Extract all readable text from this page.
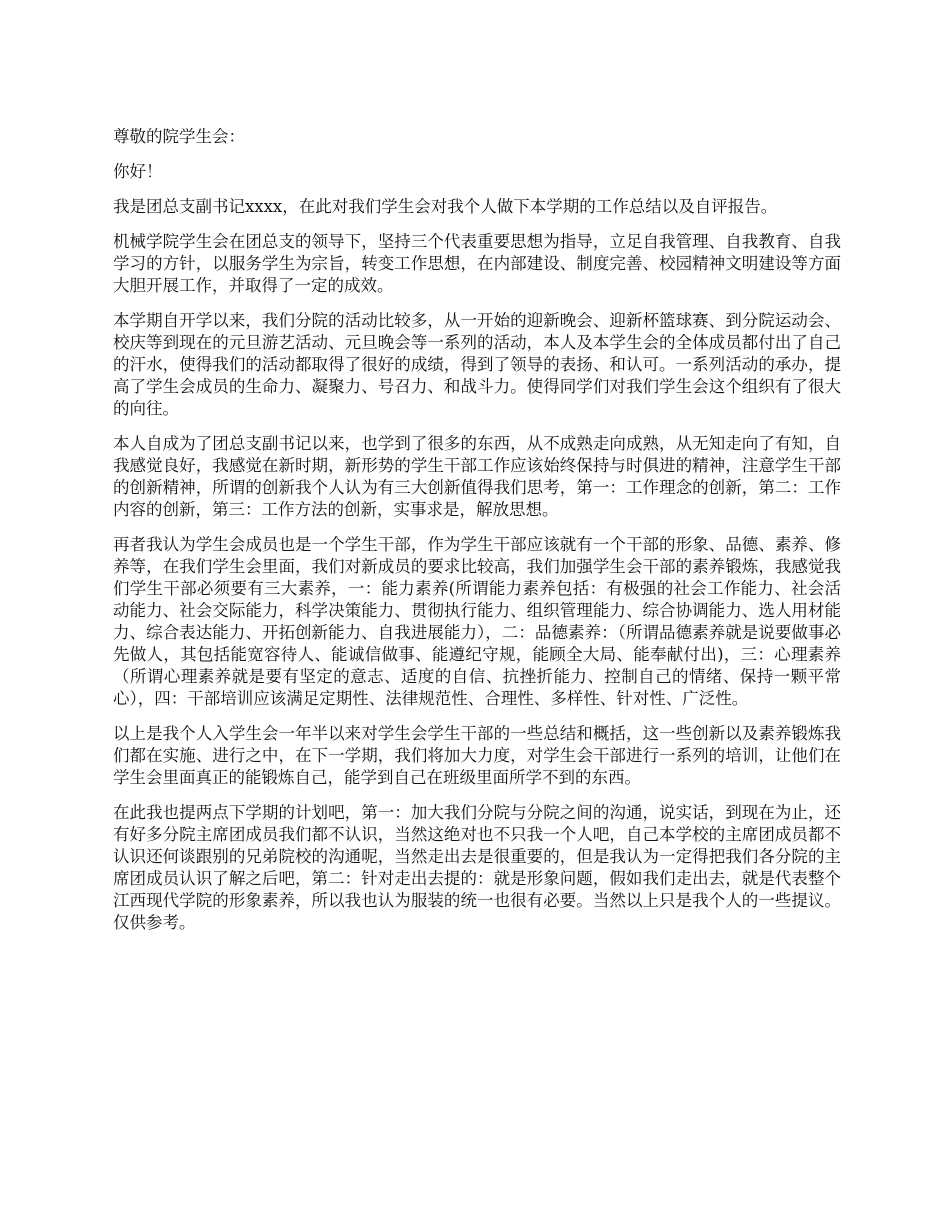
尊敬的院学生会：

你好！

我是团总支副书记xxxx，在此对我们学生会对我个人做下本学期的工作总结以及自评报告。

机械学院学生会在团总支的领导下，坚持三个代表重要思想为指导，立足自我管理、自我教育、自我学习的方针，以服务学生为宗旨，转变工作思想，在内部建设、制度完善、校园精神文明建设等方面大胆开展工作，并取得了一定的成效。

本学期自开学以来，我们分院的活动比较多，从一开始的迎新晚会、迎新杯篮球赛、到分院运动会、校庆等到现在的元旦游艺活动、元旦晚会等一系列的活动，本人及本学生会的全体成员都付出了自己的汗水，使得我们的活动都取得了很好的成绩，得到了领导的表扬、和认可。一系列活动的承办，提高了学生会成员的生命力、凝聚力、号召力、和战斗力。使得同学们对我们学生会这个组织有了很大的向往。

本人自成为了团总支副书记以来，也学到了很多的东西，从不成熟走向成熟，从无知走向了有知，自我感觉良好，我感觉在新时期，新形势的学生干部工作应该始终保持与时俱进的精神，注意学生干部的创新精神，所谓的创新我个人认为有三大创新值得我们思考，第一：工作理念的创新，第二：工作内容的创新，第三：工作方法的创新，实事求是，解放思想。

再者我认为学生会成员也是一个学生干部，作为学生干部应该就有一个干部的形象、品德、素养、修养等，在我们学生会里面，我们对新成员的要求比较高，我们加强学生会干部的素养锻炼，我感觉我们学生干部必须要有三大素养，一：能力素养(所谓能力素养包括：有极强的社会工作能力、社会活动能力、社会交际能力，科学决策能力、贯彻执行能力、组织管理能力、综合协调能力、选人用材能力、综合表达能力、开拓创新能力、自我进展能力），二：品德素养：（所谓品德素养就是说要做事必先做人，其包括能宽容待人、能诚信做事、能遵纪守规，能顾全大局、能奉献付出)，三：心理素养（所谓心理素养就是要有坚定的意志、适度的自信、抗挫折能力、控制自己的情绪、保持一颗平常心），四：干部培训应该满足定期性、法律规范性、合理性、多样性、针对性、广泛性。

以上是我个人入学生会一年半以来对学生会学生干部的一些总结和概括，这一些创新以及素养锻炼我们都在实施、进行之中，在下一学期，我们将加大力度，对学生会干部进行一系列的培训，让他们在学生会里面真正的能锻炼自己，能学到自己在班级里面所学不到的东西。

在此我也提两点下学期的计划吧，第一：加大我们分院与分院之间的沟通，说实话，到现在为止，还有好多分院主席团成员我们都不认识，当然这绝对也不只我一个人吧，自己本学校的主席团成员都不认识还何谈跟别的兄弟院校的沟通呢，当然走出去是很重要的，但是我认为一定得把我们各分院的主席团成员认识了解之后吧，第二：针对走出去提的：就是形象问题，假如我们走出去，就是代表整个江西现代学院的形象素养，所以我也认为服装的统一也很有必要。当然以上只是我个人的一些提议。仅供参考。
